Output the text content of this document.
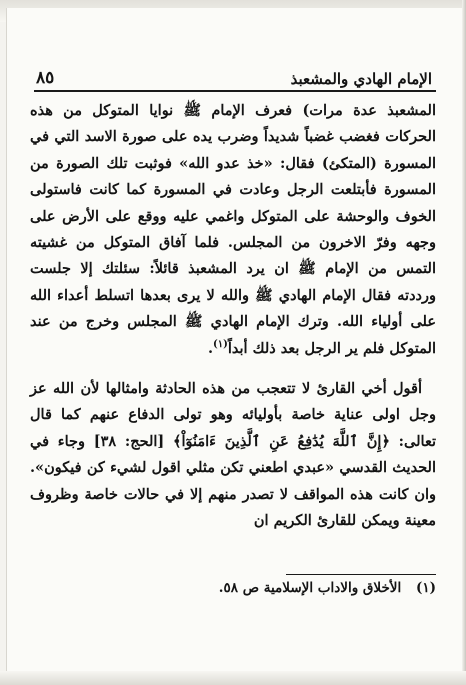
٨٥	الإمام الهادي والمشعبذ

المشعبذ عدة مرات) فعرف الإمام ﷺ نوايا المتوكل من هذه الحركات فغضب غضباً شديداً وضرب يده على صورة الاسد التي في المسورة (المتكئ) فقال: «خذ عدو الله» فوثبت تلك الصورة من المسورة فأبتلعت الرجل وعادت في المسورة كما كانت فاستولى الخوف والوحشة على المتوكل واغمي عليه ووقع على الأرض على وجهه وفرّ الاخرون من المجلس. فلما آفاق المتوكل من غشيته التمس من الإمام ﷺ ان يرد المشعبذ قائلاً: سئلتك إلا جلست ورددته فقال الإمام الهادي ﷺ والله لا يرى بعدها اتسلط أعداء الله على أولياء الله. وترك الإمام الهادي ﷺ المجلس وخرج من عند المتوكل فلم ير الرجل بعد ذلك أبداً$^{(١)}$.

أقول أخي القارئ لا تتعجب من هذه الحادثة وامثالها لأن الله عز وجل اولى عناية خاصة بأوليائه وهو تولى الدفاع عنهم كما قال تعالى: ﴿إِنَّ ٱللَّهَ يُدَٰفِعُ عَنِ ٱلَّذِينَ ءَامَنُوٓاْ﴾ [الحج: ٣٨] وجاء في الحديث القدسي «عبدي اطعني تكن مثلي اقول لشيء كن فيكون». وان كانت هذه المواقف لا تصدر منهم إلا في حالات خاصة وظروف معينة ويمكن للقارئ الكريم ان

(١) الأخلاق والاداب الإسلامية ص ٥٨.
